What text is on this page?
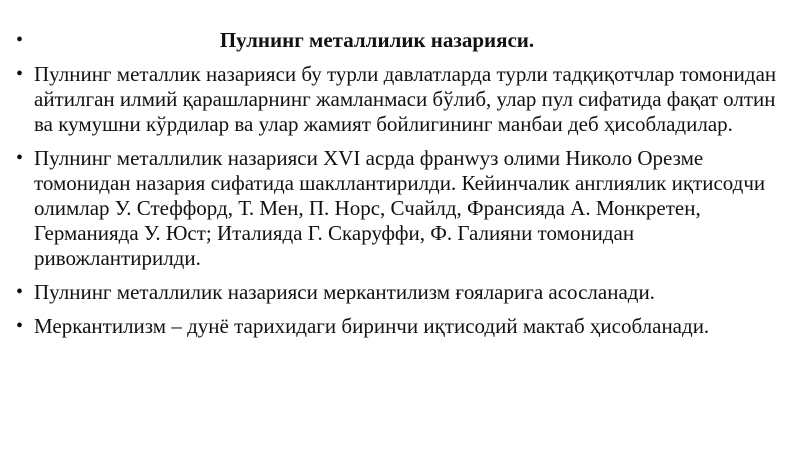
•	Пулнинг металлилик назарияси.
• Пулнинг металлик назарияси бу турли давлатларда турли тадқиқотчлар томонидан айтилган илмий қарашларнинг жамланмаси бўлиб, улар пул сифатида фақат олтин ва кумушни кўрдилар ва улар жамият бойлигининг манбаи деб ҳисобладилар.
• Пулнинг металлилик назарияси XVI асрда франwуз олими Николо Орезме томонидан назария сифатида шакллантирилди. Кейинчалик англиялик иқтисодчи олимлар У. Стеффорд, Т. Мен, П. Норс, Счайлд, Франсияда А. Монкретен, Германияда У. Юст; Италияда Г. Скаруффи, Ф. Галияни томонидан ривожлантирилди.
• Пулнинг металлилик назарияси меркантилизм ғояларига асосланади.
• Меркантилизм – дунё тарихидаги биринчи иқтисодий мактаб ҳисобланади.
